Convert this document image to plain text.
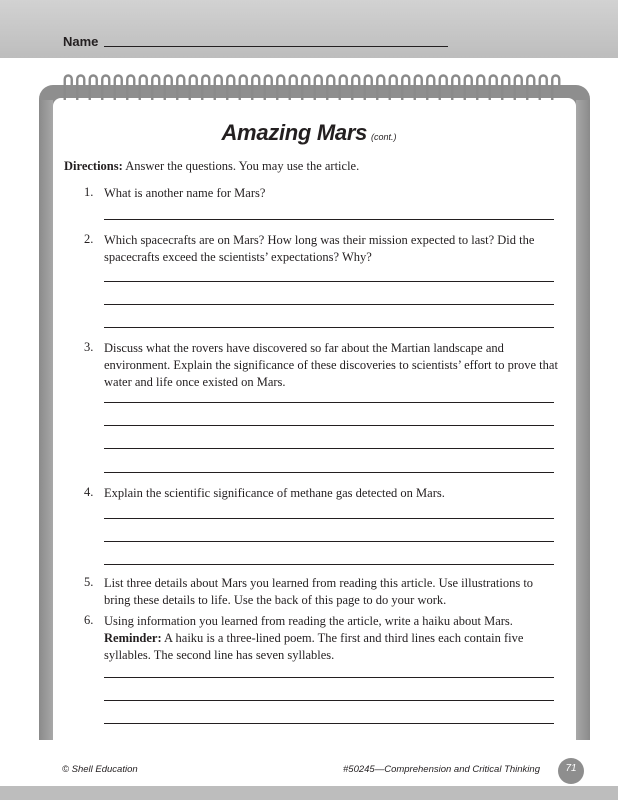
Name
Amazing Mars (cont.)
Directions: Answer the questions. You may use the article.
1. What is another name for Mars?
2. Which spacecrafts are on Mars? How long was their mission expected to last? Did the
spacecrafts exceed the scientists’ expectations? Why?
3. Discuss what the rovers have discovered so far about the Martian landscape and
environment. Explain the significance of these discoveries to scientists’ effort to prove that
water and life once existed on Mars.
4. Explain the scientific significance of methane gas detected on Mars.
5. List three details about Mars you learned from reading this article. Use illustrations to
bring these details to life. Use the back of this page to do your work.
6. Using information you learned from reading the article, write a haiku about Mars.
Reminder: A haiku is a three-lined poem. The first and third lines each contain five
syllables. The second line has seven syllables.
© Shell Education	#50245—Comprehension and Critical Thinking	71
